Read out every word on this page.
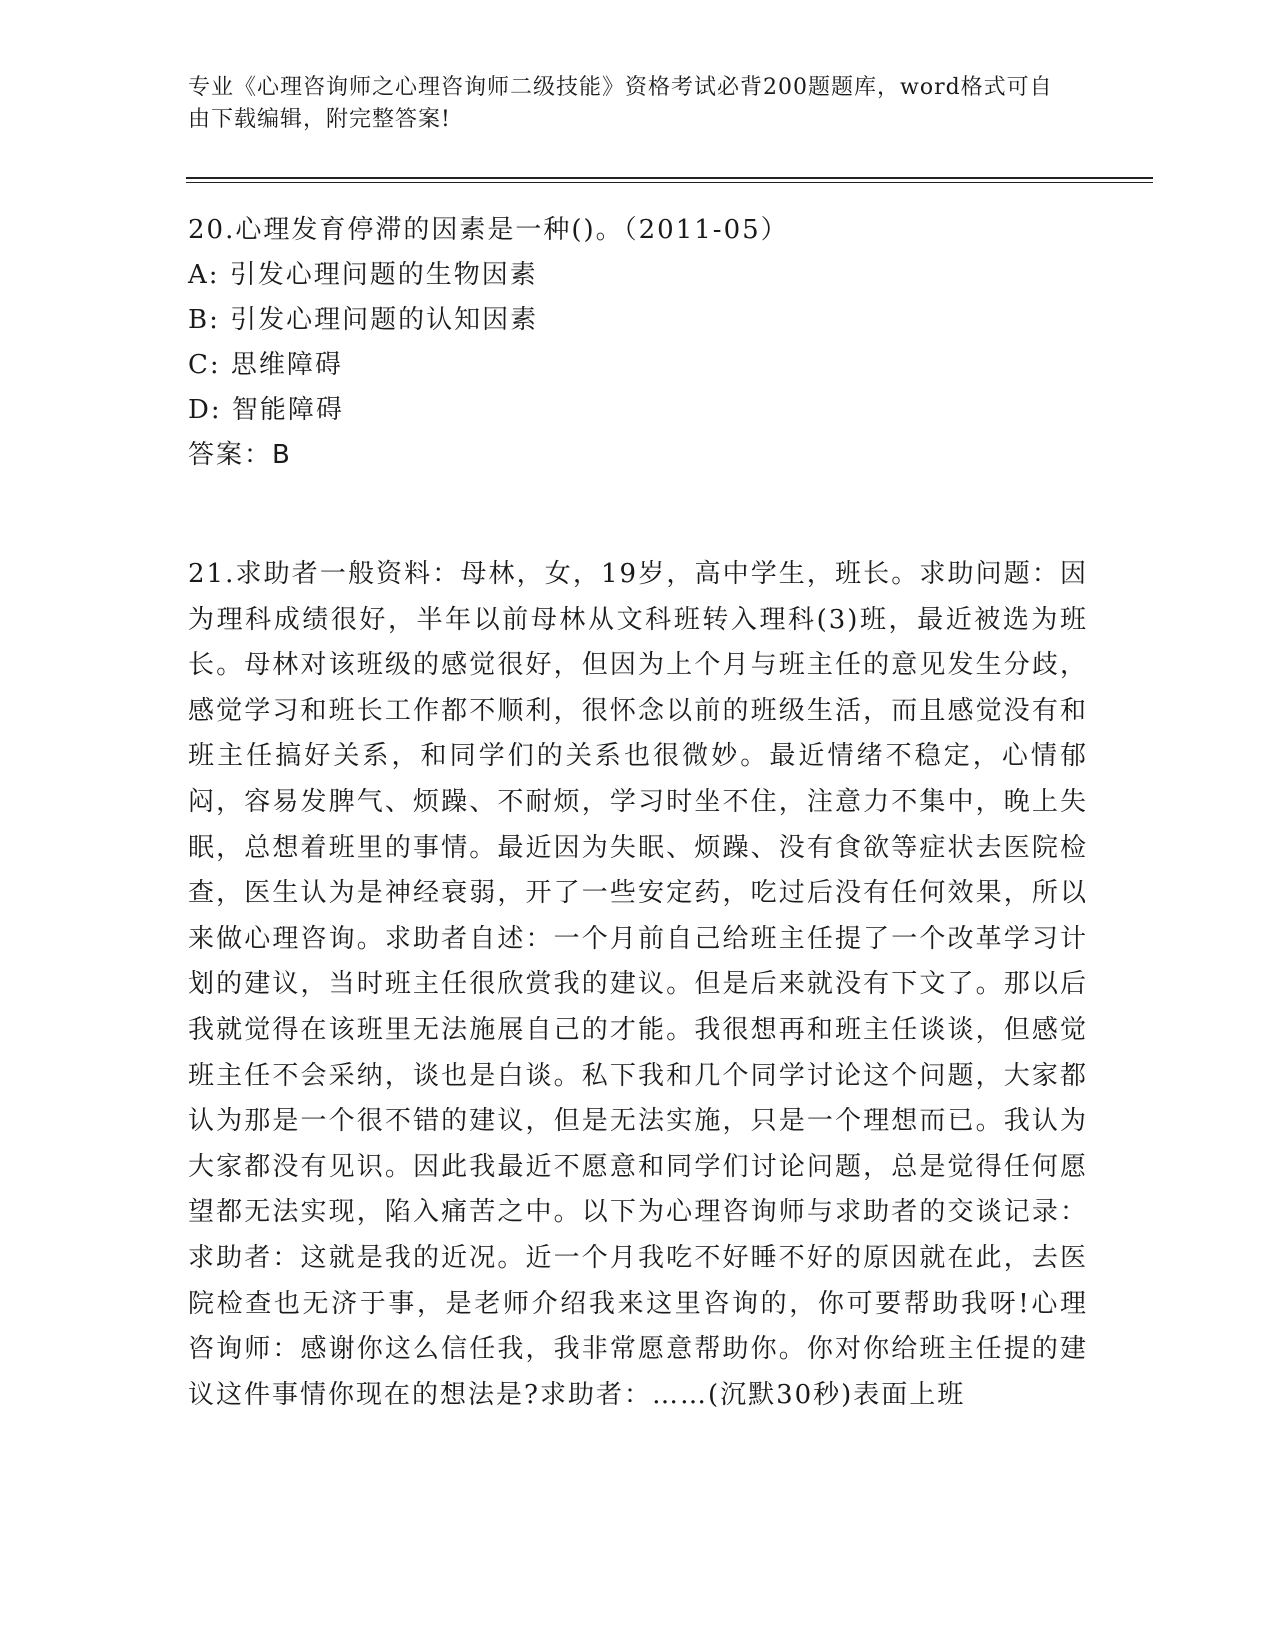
专业《心理咨询师之心理咨询师二级技能》资格考试必背200题题库，word格式可自由下载编辑，附完整答案!
20.心理发育停滞的因素是一种()。（2011-05）
A: 引发心理问题的生物因素
B: 引发心理问题的认知因素
C: 思维障碍
D: 智能障碍
答案：B
21.求助者一般资料：母林，女，19岁，高中学生，班长。求助问题：因为理科成绩很好，半年以前母林从文科班转入理科(3)班，最近被选为班长。母林对该班级的感觉很好，但因为上个月与班主任的意见发生分歧，感觉学习和班长工作都不顺利，很怀念以前的班级生活，而且感觉没有和班主任搞好关系，和同学们的关系也很微妙。最近情绪不稳定，心情郁闷，容易发脾气、烦躁、不耐烦，学习时坐不住，注意力不集中，晚上失眠，总想着班里的事情。最近因为失眠、烦躁、没有食欲等症状去医院检查，医生认为是神经衰弱，开了一些安定药，吃过后没有任何效果，所以来做心理咨询。求助者自述：一个月前自己给班主任提了一个改革学习计划的建议，当时班主任很欣赏我的建议。但是后来就没有下文了。那以后我就觉得在该班里无法施展自己的才能。我很想再和班主任谈谈，但感觉班主任不会采纳，谈也是白谈。私下我和几个同学讨论这个问题，大家都认为那是一个很不错的建议，但是无法实施，只是一个理想而已。我认为大家都没有见识。因此我最近不愿意和同学们讨论问题，总是觉得任何愿望都无法实现，陷入痛苦之中。以下为心理咨询师与求助者的交谈记录：求助者：这就是我的近况。近一个月我吃不好睡不好的原因就在此，去医院检查也无济于事，是老师介绍我来这里咨询的，你可要帮助我呀!心理咨询师：感谢你这么信任我，我非常愿意帮助你。你对你给班主任提的建议这件事情你现在的想法是?求助者：……(沉默30秒)表面上班
